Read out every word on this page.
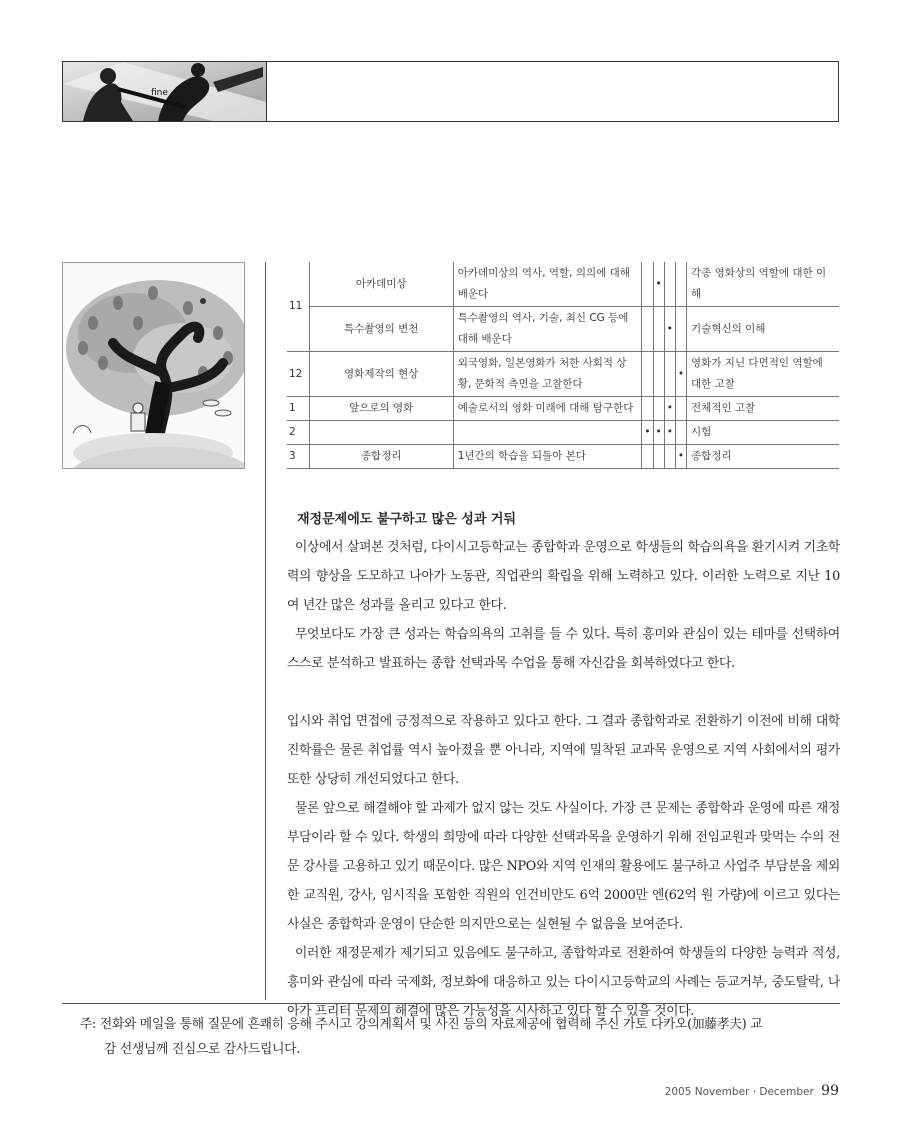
fine
11	아카데미상	아카데미상의 역사, 역할, 의의에 대해 배운다		•			각종 영화상의 역할에 대한 이해
	특수촬영의 변천	특수촬영의 역사, 기술, 최신 CG 등에 대해 배운다			•		기술혁신의 이해
12	영화제작의 현상	외국영화, 일본영화가 처한 사회적 상황, 문화적 측면을 고찰한다				•	영화가 지닌 다면적인 역할에 대한 고찰
1	앞으로의 영화	예술로서의 영화 미래에 대해 탐구한다			•		전체적인 고찰
2			•	•	•		시험
3	종합정리	1년간의 학습을 되돌아 본다				•	종합정리
재정문제에도 불구하고 많은 성과 거둬

이상에서 살펴본 것처럼, 다이시고등학교는 종합학과 운영으로 학생들의 학습의욕을 환기시켜 기초학력의 향상을 도모하고 나아가 노동관, 직업관의 확립을 위해 노력하고 있다. 이러한 노력으로 지난 10여 년간 많은 성과를 올리고 있다고 한다.

무엇보다도 가장 큰 성과는 학습의욕의 고취를 들 수 있다. 특히 흥미와 관심이 있는 테마를 선택하여 스스로 분석하고 발표하는 종합 선택과목 수업을 통해 자신감을 회복하였다고 한다.

입시와 취업 면접에 긍정적으로 작용하고 있다고 한다. 그 결과 종합학과로 전환하기 이전에 비해 대학진학률은 물론 취업률 역시 높아졌을 뿐 아니라, 지역에 밀착된 교과목 운영으로 지역 사회에서의 평가 또한 상당히 개선되었다고 한다.

물론 앞으로 해결해야 할 과제가 없지 않는 것도 사실이다. 가장 큰 문제는 종합학과 운영에 따른 재정 부담이라 할 수 있다. 학생의 희망에 따라 다양한 선택과목을 운영하기 위해 전임교원과 맞먹는 수의 전문 강사를 고용하고 있기 때문이다. 많은 NPO와 지역 인재의 활용에도 불구하고 사업주 부담분을 제외한 교직원, 강사, 임시직을 포함한 직원의 인건비만도 6억 2000만 엔(62억 원 가량)에 이르고 있다는 사실은 종합학과 운영이 단순한 의지만으로는 실현될 수 없음을 보여준다.

이러한 재정문제가 제기되고 있음에도 불구하고, 종합학과로 전환하여 학생들의 다양한 능력과 적성, 흥미와 관심에 따라 국제화, 정보화에 대응하고 있는 다이시고등학교의 사례는 등교거부, 중도탈락, 나아가 프리터 문제의 해결에 많은 가능성을 시사하고 있다 할 수 있을 것이다.

주: 전화와 메일을 통해 질문에 흔쾌히 응해 주시고 강의계획서 및 사진 등의 자료제공에 협력해 주신 가토 다카오(加藤孝夫) 교
감 선생님께 진심으로 감사드립니다.
2005 November · December 99
